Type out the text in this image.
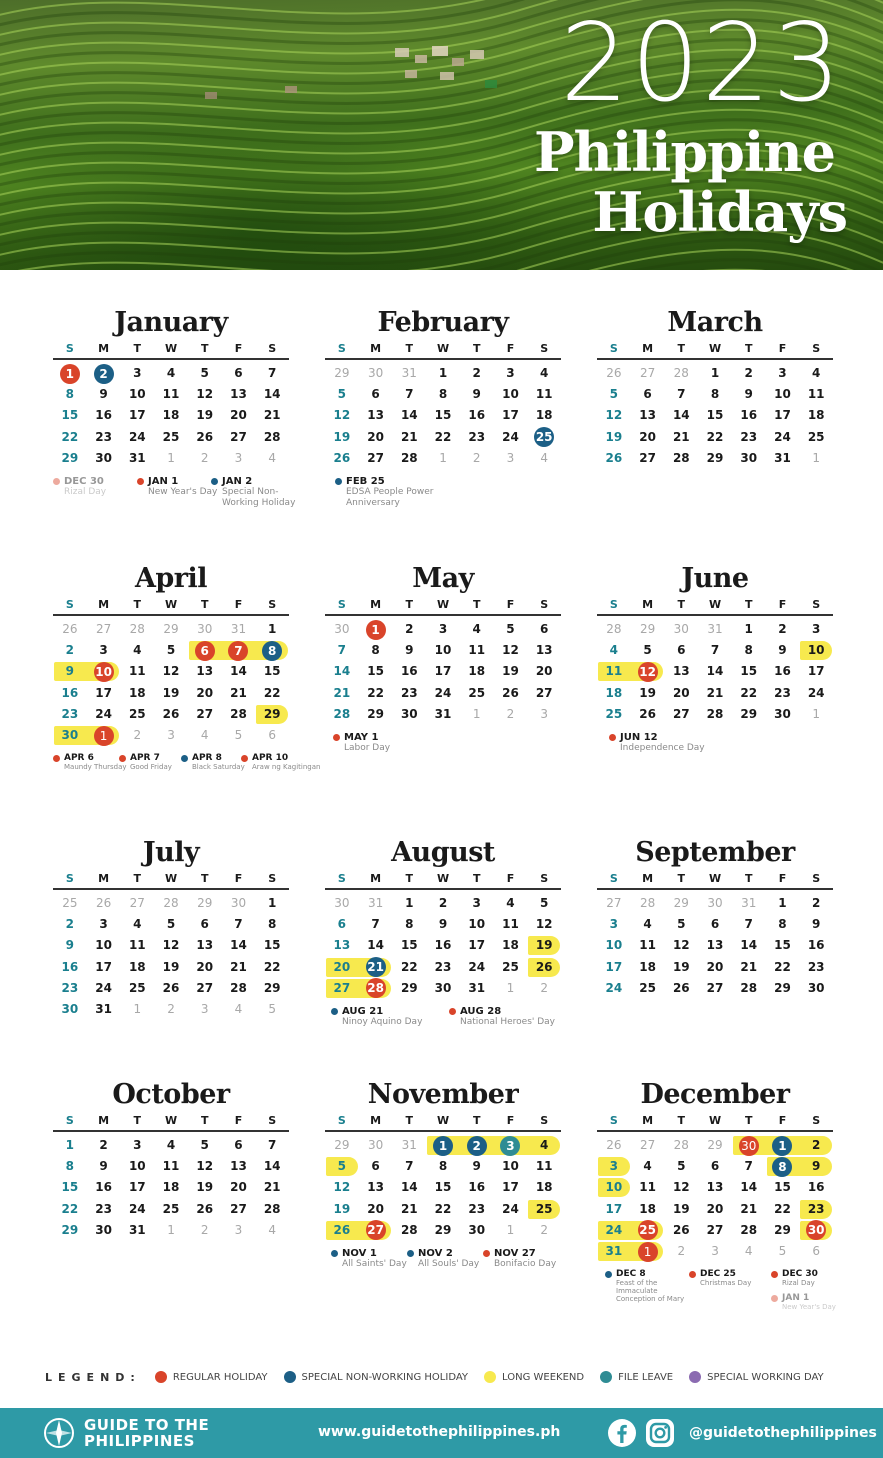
2023
Philippine
Holidays
January
S	M	T	W	T	F	S
1	2	3	4	5	6	7
8	9	10	11	12	13	14
15	16	17	18	19	20	21
22	23	24	25	26	27	28
29	30	31	1	2	3	4
DEC 30
Rizal Day
JAN 1
New Year's Day
JAN 2
Special Non-Working Holiday
February
S	M	T	W	T	F	S
29	30	31	1	2	3	4
5	6	7	8	9	10	11
12	13	14	15	16	17	18
19	20	21	22	23	24	25
26	27	28	1	2	3	4
FEB 25
EDSA People Power Anniversary
March
S	M	T	W	T	F	S
26	27	28	1	2	3	4
5	6	7	8	9	10	11
12	13	14	15	16	17	18
19	20	21	22	23	24	25
26	27	28	29	30	31	1
April
S	M	T	W	T	F	S
26	27	28	29	30	31	1
2	3	4	5	6	7	8
9	10	11	12	13	14	15
16	17	18	19	20	21	22
23	24	25	26	27	28	29
30	1	2	3	4	5	6
APR 6
Maundy Thursday
APR 7
Good Friday
APR 8
Black Saturday
APR 10
Araw ng Kagitingan
May
S	M	T	W	T	F	S
30	1	2	3	4	5	6
7	8	9	10	11	12	13
14	15	16	17	18	19	20
21	22	23	24	25	26	27
28	29	30	31	1	2	3
MAY 1
Labor Day
June
S	M	T	W	T	F	S
28	29	30	31	1	2	3
4	5	6	7	8	9	10
11	12	13	14	15	16	17
18	19	20	21	22	23	24
25	26	27	28	29	30	1
JUN 12
Independence Day
July
S	M	T	W	T	F	S
25	26	27	28	29	30	1
2	3	4	5	6	7	8
9	10	11	12	13	14	15
16	17	18	19	20	21	22
23	24	25	26	27	28	29
30	31	1	2	3	4	5
August
S	M	T	W	T	F	S
30	31	1	2	3	4	5
6	7	8	9	10	11	12
13	14	15	16	17	18	19
20	21	22	23	24	25	26
27	28	29	30	31	1	2
AUG 21
Ninoy Aquino Day
AUG 28
National Heroes' Day
September
S	M	T	W	T	F	S
27	28	29	30	31	1	2
3	4	5	6	7	8	9
10	11	12	13	14	15	16
17	18	19	20	21	22	23
24	25	26	27	28	29	30
October
S	M	T	W	T	F	S
1	2	3	4	5	6	7
8	9	10	11	12	13	14
15	16	17	18	19	20	21
22	23	24	25	26	27	28
29	30	31	1	2	3	4
November
S	M	T	W	T	F	S
29	30	31	1	2	3	4
5	6	7	8	9	10	11
12	13	14	15	16	17	18
19	20	21	22	23	24	25
26	27	28	29	30	1	2
NOV 1
All Saints' Day
NOV 2
All Souls' Day
NOV 27
Bonifacio Day
December
S	M	T	W	T	F	S
26	27	28	29	30	1	2
3	4	5	6	7	8	9
10	11	12	13	14	15	16
17	18	19	20	21	22	23
24	25	26	27	28	29	30
31	1	2	3	4	5	6
DEC 8
Feast of the Immaculate Conception of Mary
DEC 25
Christmas Day
DEC 30
Rizal Day
JAN 1
New Year's Day
LEGEND:	REGULAR HOLIDAY	SPECIAL NON-WORKING HOLIDAY	LONG WEEKEND	FILE LEAVE	SPECIAL WORKING DAY
GUIDE TO THE
PHILIPPINES	www.guidetothephilippines.ph	@guidetothephilippines
